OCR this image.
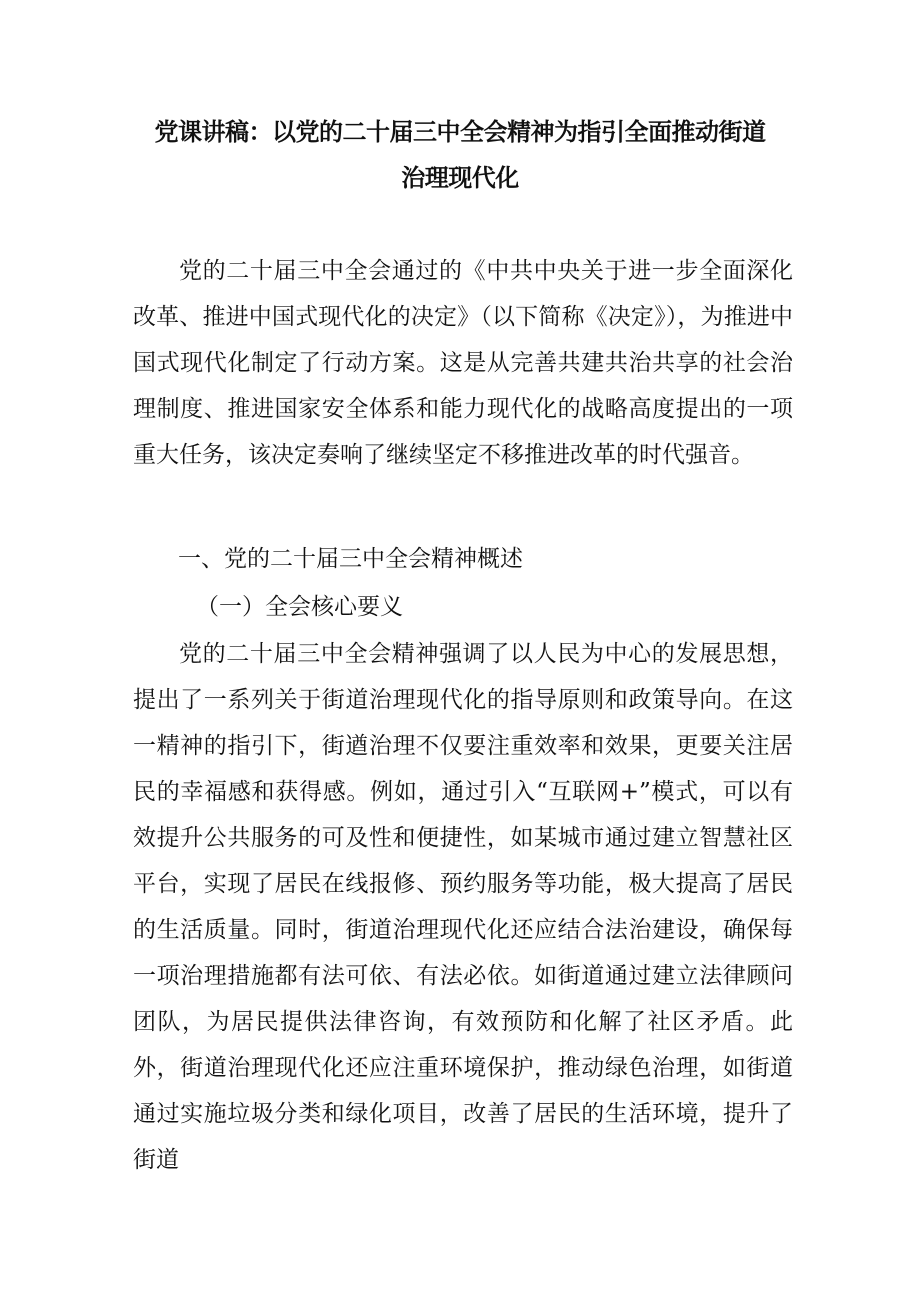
党课讲稿：以党的二十届三中全会精神为指引全面推动街道
治理现代化
党的二十届三中全会通过的《中共中央关于进一步全面深化改革、推进中国式现代化的决定》（以下简称《决定》），为推进中国式现代化制定了行动方案。这是从完善共建共治共享的社会治理制度、推进国家安全体系和能力现代化的战略高度提出的一项重大任务，该决定奏响了继续坚定不移推进改革的时代强音。
一、党的二十届三中全会精神概述
（一）全会核心要义
党的二十届三中全会精神强调了以人民为中心的发展思想，提出了一系列关于街道治理现代化的指导原则和政策导向。在这一精神的指引下，街遒治理不仅要注重效率和效果，更要关注居民的幸福感和获得感。例如，通过引入“互联网+”模式，可以有效提升公共服务的可及性和便捷性，如某城市通过建立智慧社区平台，实现了居民在线报修、预约服务等功能，极大提高了居民的生活质量。同时，街道治理现代化还应结合法治建设，确保每一项治理措施都有法可依、有法必依。如街道通过建立法律顾问团队，为居民提供法律咨询，有效预防和化解了社区矛盾。此外，街道治理现代化还应注重环境保护，推动绿色治理，如街道通过实施垃圾分类和绿化项目，改善了居民的生活环境，提升了街道
